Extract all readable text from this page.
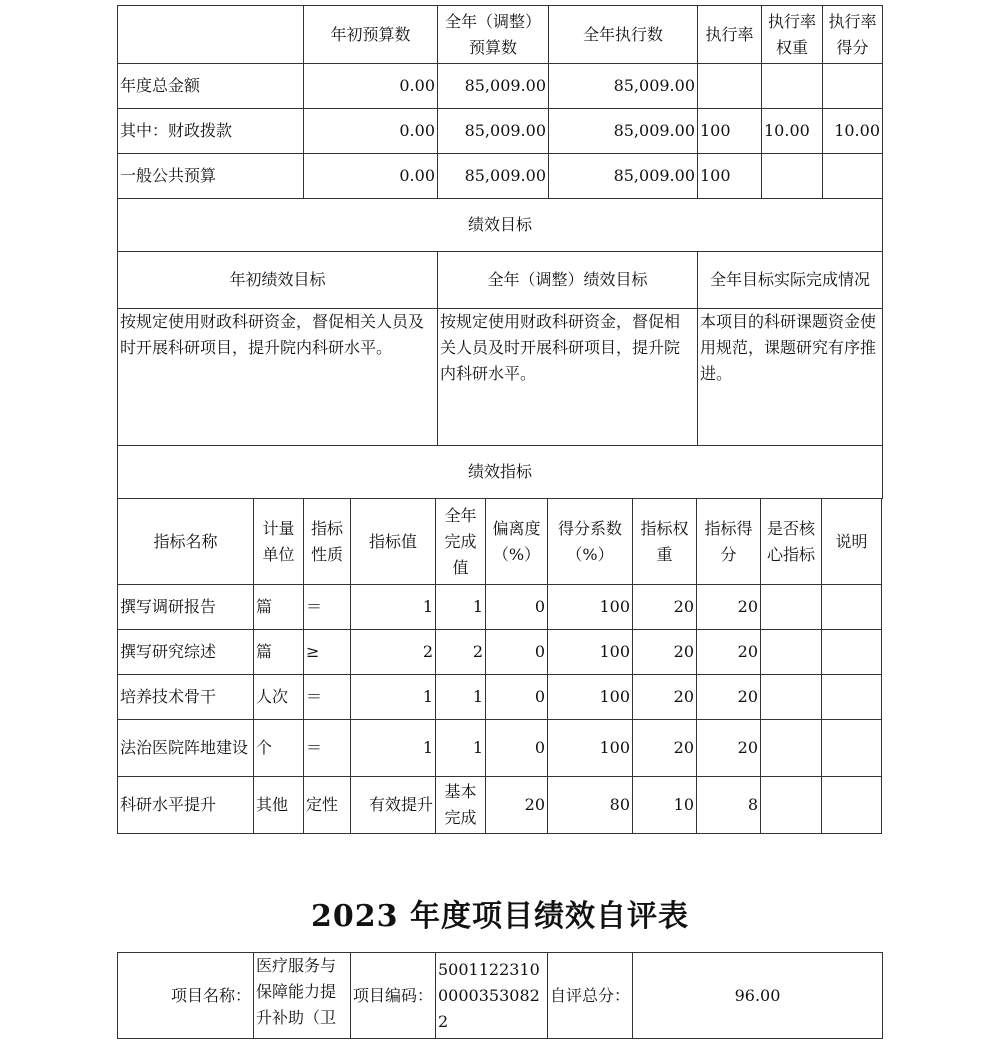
	年初预算数	全年（调整）预算数	全年执行数	执行率	执行率权重	执行率得分
年度总金额	0.00	85,009.00	85,009.00			
其中：财政拨款	0.00	85,009.00	85,009.00	100	10.00	10.00
一般公共预算	0.00	85,009.00	85,009.00	100		
绩效目标						
年初绩效目标		全年（调整）绩效目标		全年目标实际完成情况		
按规定使用财政科研资金，督促相关人员及时开展科研项目，提升院内科研水平。		按规定使用财政科研资金，督促相关人员及时开展科研项目，提升院内科研水平。		本项目的科研课题资金使用规范，课题研究有序推进。		
绩效指标						
指标名称	计量单位	指标性质	指标值	全年完成值	偏离度（%）	得分系数（%）	指标权重	指标得分	是否核心指标	说明
撰写调研报告	篇	＝	1	1	0	100	20	20		
撰写研究综述	篇	≥	2	2	0	100	20	20		
培养技术骨干	人次	＝	1	1	0	100	20	20		
法治医院阵地建设	个	＝	1	1	0	100	20	20		
科研水平提升	其他	定性	有效提升	基本完成	20	80	10	8		
2023 年度项目绩效自评表
项目名称：	医疗服务与保障能力提升补助（卫	项目编码：	500112231000003530822	自评总分：	96.00
